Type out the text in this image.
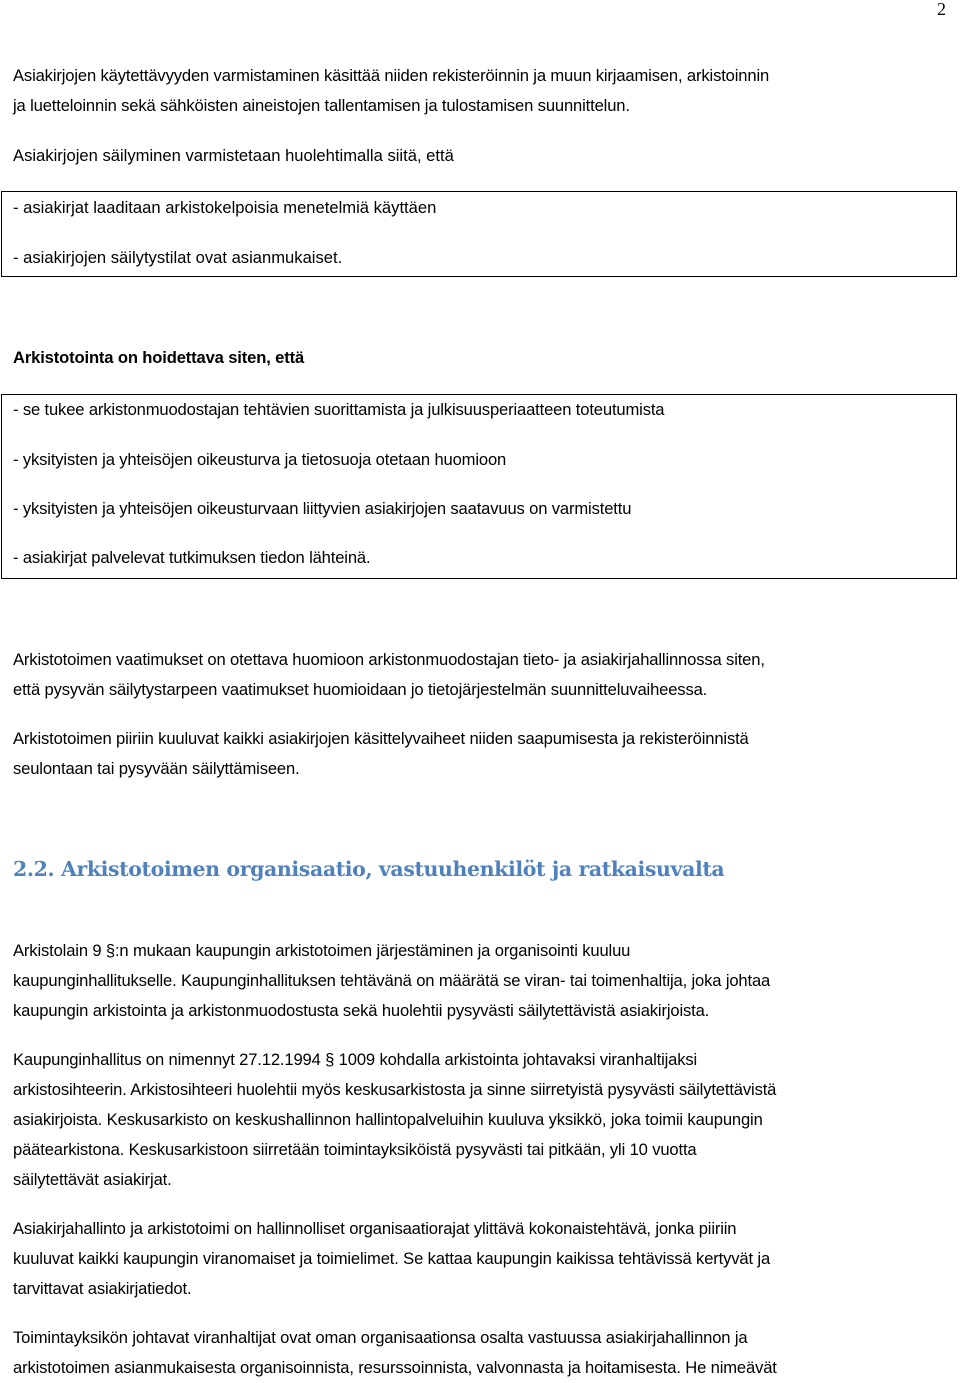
2
Asiakirjojen käytettävyyden varmistaminen käsittää niiden rekisteröinnin ja muun kirjaamisen, arkistoinnin
ja luetteloinnin sekä sähköisten aineistojen tallentamisen ja tulostamisen suunnittelun.
Asiakirjojen säilyminen varmistetaan huolehtimalla siitä, että
- asiakirjat laaditaan arkistokelpoisia menetelmiä käyttäen
- asiakirjojen säilytystilat ovat asianmukaiset.
Arkistotointa on hoidettava siten, että
- se tukee arkistonmuodostajan tehtävien suorittamista ja julkisuusperiaatteen toteutumista
- yksityisten ja yhteisöjen oikeusturva ja tietosuoja otetaan huomioon
- yksityisten ja yhteisöjen oikeusturvaan liittyvien asiakirjojen saatavuus on varmistettu
- asiakirjat palvelevat tutkimuksen tiedon lähteinä.
Arkistotoimen vaatimukset on otettava huomioon arkistonmuodostajan tieto- ja asiakirjahallinnossa siten,
että pysyvän säilytystarpeen vaatimukset huomioidaan jo tietojärjestelmän suunnitteluvaiheessa.
Arkistotoimen piiriin kuuluvat kaikki asiakirjojen käsittelyvaiheet niiden saapumisesta ja rekisteröinnistä
seulontaan tai pysyvään säilyttämiseen.
2.2. Arkistotoimen organisaatio, vastuuhenkilöt ja ratkaisuvalta
Arkistolain 9 §:n mukaan kaupungin arkistotoimen järjestäminen ja organisointi kuuluu
kaupunginhallitukselle. Kaupunginhallituksen tehtävänä on määrätä se viran- tai toimenhaltija, joka johtaa
kaupungin arkistointa ja arkistonmuodostusta sekä huolehtii pysyvästi säilytettävistä asiakirjoista.
Kaupunginhallitus on nimennyt 27.12.1994 § 1009 kohdalla arkistointa johtavaksi viranhaltijaksi
arkistosihteerin. Arkistosihteeri huolehtii myös keskusarkistosta ja sinne siirretyistä pysyvästi säilytettävistä
asiakirjoista. Keskusarkisto on keskushallinnon hallintopalveluihin kuuluva yksikkö, joka toimii kaupungin
päätearkistona. Keskusarkistoon siirretään toimintayksiköistä pysyvästi tai pitkään, yli 10 vuotta
säilytettävät asiakirjat.
Asiakirjahallinto ja arkistotoimi on hallinnolliset organisaatiorajat ylittävä kokonaistehtävä, jonka piiriin
kuuluvat kaikki kaupungin viranomaiset ja toimielimet. Se kattaa kaupungin kaikissa tehtävissä kertyvät ja
tarvittavat asiakirjatiedot.
Toimintayksikön johtavat viranhaltijat ovat oman organisaationsa osalta vastuussa asiakirjahallinnon ja
arkistotoimen asianmukaisesta organisoinnista, resurssoinnista, valvonnasta ja hoitamisesta. He nimeävät
